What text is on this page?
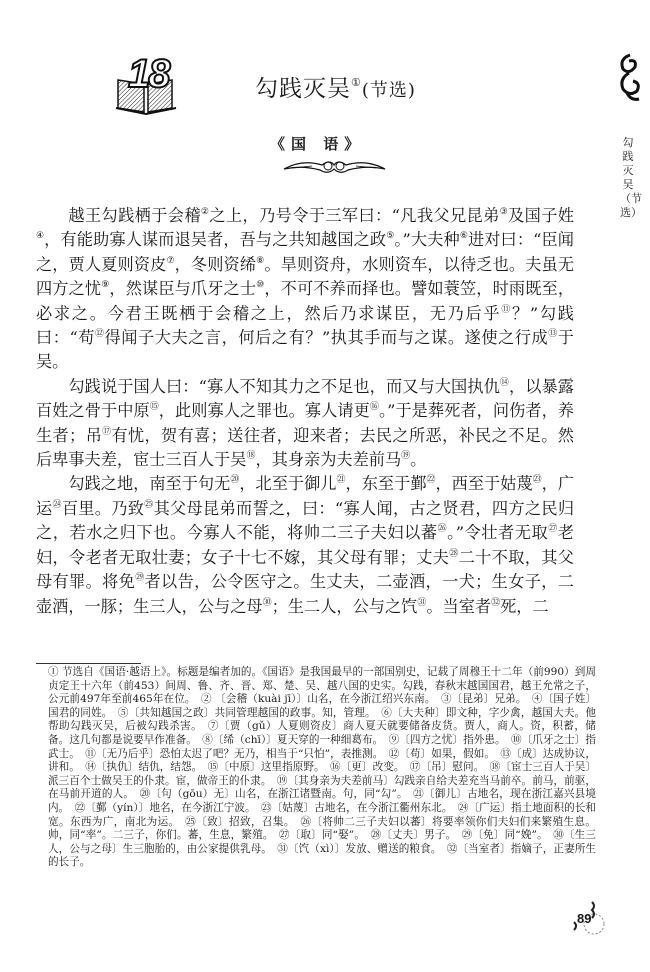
18	勾践灭吴①(节选)
《国 语》	勾践灭吴（节选）

越王勾践栖于会稽②之上，乃号令于三军曰：“凡我父兄昆弟③及国子姓④，有能助寡人谋而退吴者，吾与之共知越国之政⑤。”大夫种⑥进对曰：“臣闻之，贾人夏则资皮⑦，冬则资𫄨⑧。旱则资舟，水则资车，以待乏也。夫虽无四方之忧⑨，然谋臣与爪牙之士⑩，不可不养而择也。譬如蓑笠，时雨既至，必求之。今君王既栖于会稽之上，然后乃求谋臣，无乃后乎⑪？”勾践曰：“苟⑫得闻子大夫之言，何后之有？”执其手而与之谋。遂使之行成⑬于吴。

勾践说于国人曰：“寡人不知其力之不足也，而又与大国执仇⑭，以暴露百姓之骨于中原⑮，此则寡人之罪也。寡人请更⑯。”于是葬死者，问伤者，养生者；吊⑰有忧，贺有喜；送往者，迎来者；去民之所恶，补民之不足。然后卑事夫差，宦士三百人于吴⑱，其身亲为夫差前马⑲。

勾践之地，南至于句无⑳，北至于御儿$^㉑$，东至于鄞$^㉒$，西至于姑蔑$^㉓$，广运$^㉔$百里。乃致$^㉕$其父母昆弟而誓之，曰：“寡人闻，古之贤君，四方之民归之，若水之归下也。今寡人不能，将帅二三子夫妇以蕃$^㉖$。”令壮者无取$^㉗$老妇，令老者无取壮妻；女子十七不嫁，其父母有罪；丈夫$^㉘$二十不取，其父母有罪。将免$^㉙$者以告，公令医守之。生丈夫，二壶酒，一犬；生女子，二壶酒，一豚；生三人，公与之母$^㉚$；生二人，公与之饩$^㉛$。当室者$^㉜$死，二

① 节选自《国语·越语上》。标题是编者加的。《国语》是我国最早的一部国别史，记载了周穆王十二年（前990）到周贞定王十六年（前453）间周、鲁、齐、晋、郑、楚、吴、越八国的史实。勾践，春秋末越国国君，越王允常之子，公元前497年至前465年在位。　② 〔会稽（kuài jī）〕山名，在今浙江绍兴东南。　③〔昆弟〕兄弟。　④〔国子姓〕国君的同姓。　⑤〔共知越国之政〕共同管理越国的政事。知，管理。　⑥〔大夫种〕即文种，字少禽，越国大夫。他帮助勾践灭吴，后被勾践杀害。　⑦〔贾（gǔ）人夏则资皮〕商人夏天就要储备皮货。贾人，商人。资，积蓄，储备。这几句都是说要早作准备。　⑧〔𫄨（chī）〕夏天穿的一种细葛布。　⑨〔四方之忧〕指外患。　⑩〔爪牙之士〕指武士。　⑪〔无乃后乎〕恐怕太迟了吧？无乃，相当于“只怕”，表推测。　⑫〔苟〕如果，假如。　⑬〔成〕达成协议，讲和。　⑭〔执仇〕结仇，结怨。　⑮〔中原〕这里指原野。　⑯〔更〕改变。　⑰〔吊〕慰问。　⑱〔宦士三百人于吴〕派三百个士做吴王的仆隶。宦，做帝王的仆隶。　⑲〔其身亲为夫差前马〕勾践亲自给夫差充当马前卒。前马，前驱，在马前开道的人。　⑳〔句（gōu）无〕山名，在浙江诸暨南。句，同“勾”。　㉑〔御儿〕古地名，现在浙江嘉兴县境内。　㉒〔鄞（yín）〕地名，在今浙江宁波。　㉓〔姑蔑〕古地名，在今浙江衢州东北。　㉔〔广运〕指土地面积的长和宽。东西为广，南北为运。　㉕〔致〕招致，召集。　㉖〔将帅二三子夫妇以蕃〕将要率领你们夫妇们来繁殖生息。帅，同“率”。二三子，你们。蕃，生息，繁殖。　㉗〔取〕同“娶”。　㉘〔丈夫〕男子。　㉙〔免〕同“娩”。　㉚〔生三人，公与之母〕生三胞胎的，由公家提供乳母。　㉛〔饩（xì）〕发放、赠送的粮食。　㉜〔当室者〕指嫡子，正妻所生的长子。

89
